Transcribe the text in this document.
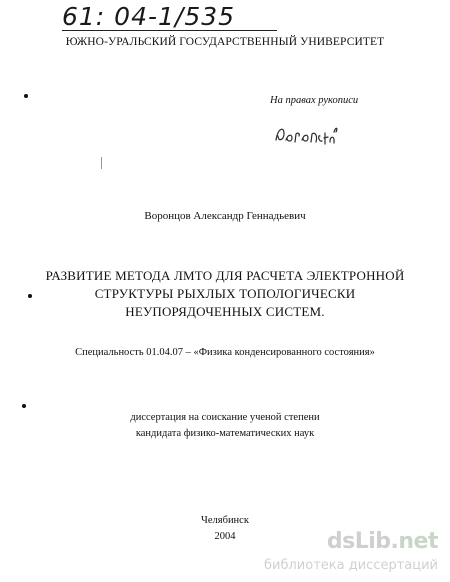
61: 04-1/535
ЮЖНО-УРАЛЬСКИЙ ГОСУДАРСТВЕННЫЙ УНИВЕРСИТЕТ
На правах рукописи
Воронцов Александр Геннадьевич
РАЗВИТИЕ МЕТОДА ЛМТО ДЛЯ РАСЧЕТА ЭЛЕКТРОННОЙ
СТРУКТУРЫ РЫХЛЫХ ТОПОЛОГИЧЕСКИ
НЕУПОРЯДОЧЕННЫХ СИСТЕМ.
Специальность 01.04.07 – «Физика конденсированного состояния»
диссертация на соискание ученой степени
кандидата физико-математических наук
Челябинск
2004	dsLib.net
библиотека диссертаций
